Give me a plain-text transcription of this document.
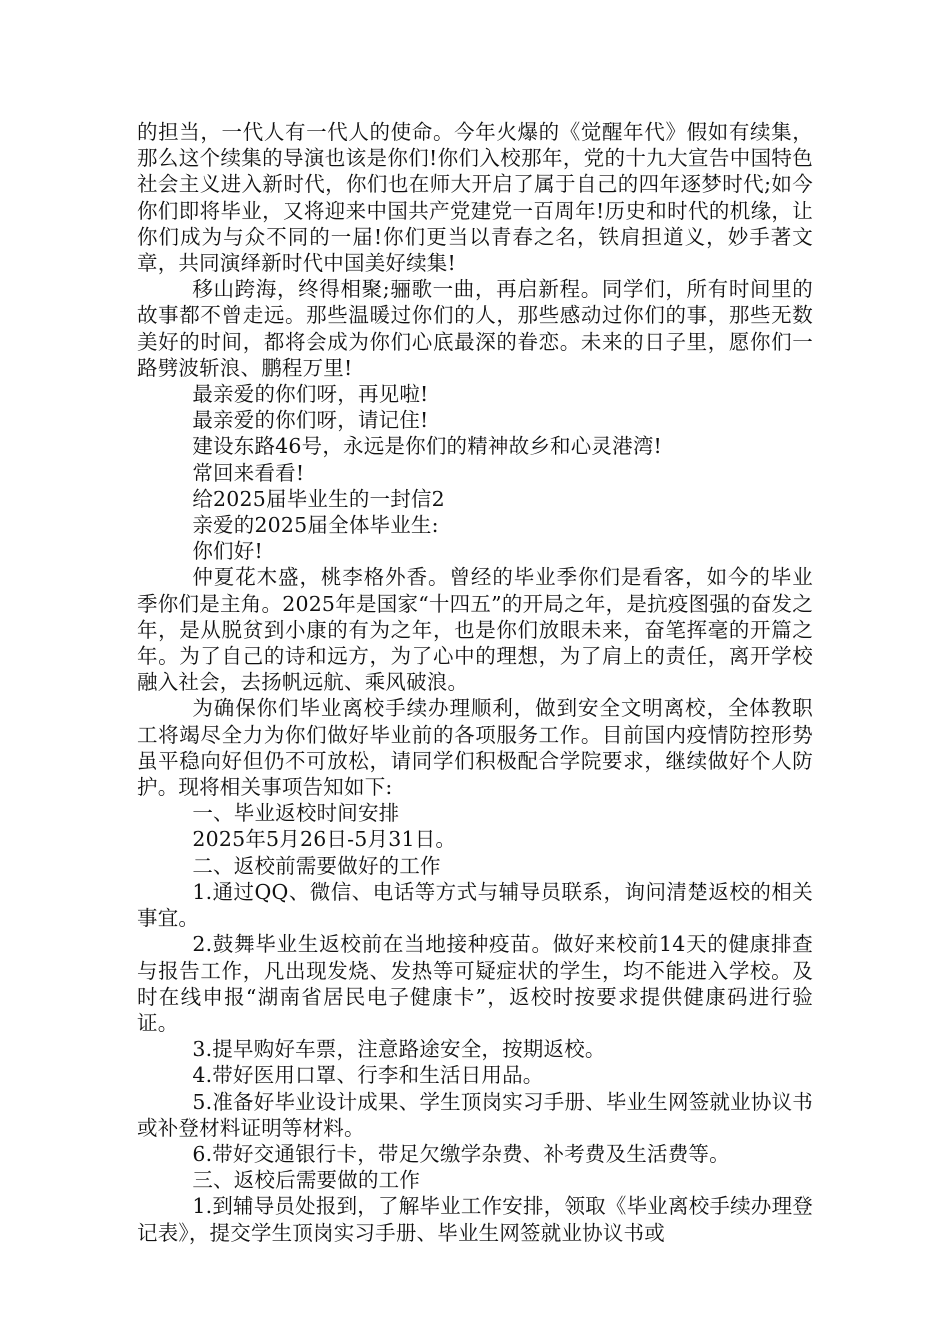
的担当，一代人有一代人的使命。今年火爆的《觉醒年代》假如有续集，那么这个续集的导演也该是你们!你们入校那年，党的十九大宣告中国特色社会主义进入新时代，你们也在师大开启了属于自己的四年逐梦时代;如今你们即将毕业，又将迎来中国共产党建党一百周年!历史和时代的机缘，让你们成为与众不同的一届!你们更当以青春之名，铁肩担道义，妙手著文章，共同演绎新时代中国美好续集!

移山跨海，终得相聚;骊歌一曲，再启新程。同学们，所有时间里的故事都不曾走远。那些温暖过你们的人，那些感动过你们的事，那些无数美好的时间，都将会成为你们心底最深的眷恋。未来的日子里，愿你们一路劈波斩浪、鹏程万里!

最亲爱的你们呀，再见啦!

最亲爱的你们呀，请记住!

建设东路46号，永远是你们的精神故乡和心灵港湾!

常回来看看!

给2025届毕业生的一封信2

亲爱的2025届全体毕业生:

你们好!

仲夏花木盛，桃李格外香。曾经的毕业季你们是看客，如今的毕业季你们是主角。2025年是国家“十四五”的开局之年，是抗疫图强的奋发之年，是从脱贫到小康的有为之年，也是你们放眼未来，奋笔挥毫的开篇之年。为了自己的诗和远方，为了心中的理想，为了肩上的责任，离开学校融入社会，去扬帆远航、乘风破浪。

为确保你们毕业离校手续办理顺利，做到安全文明离校，全体教职工将竭尽全力为你们做好毕业前的各项服务工作。目前国内疫情防控形势虽平稳向好但仍不可放松，请同学们积极配合学院要求，继续做好个人防护。现将相关事项告知如下:

一、毕业返校时间安排

2025年5月26日-5月31日。

二、返校前需要做好的工作

1.通过QQ、微信、电话等方式与辅导员联系，询问清楚返校的相关事宜。

2.鼓舞毕业生返校前在当地接种疫苗。做好来校前14天的健康排查与报告工作，凡出现发烧、发热等可疑症状的学生，均不能进入学校。及时在线申报“湖南省居民电子健康卡”，返校时按要求提供健康码进行验证。

3.提早购好车票，注意路途安全，按期返校。

4.带好医用口罩、行李和生活日用品。

5.准备好毕业设计成果、学生顶岗实习手册、毕业生网签就业协议书或补登材料证明等材料。

6.带好交通银行卡，带足欠缴学杂费、补考费及生活费等。

三、返校后需要做的工作

1.到辅导员处报到，了解毕业工作安排，领取《毕业离校手续办理登记表》，提交学生顶岗实习手册、毕业生网签就业协议书或
